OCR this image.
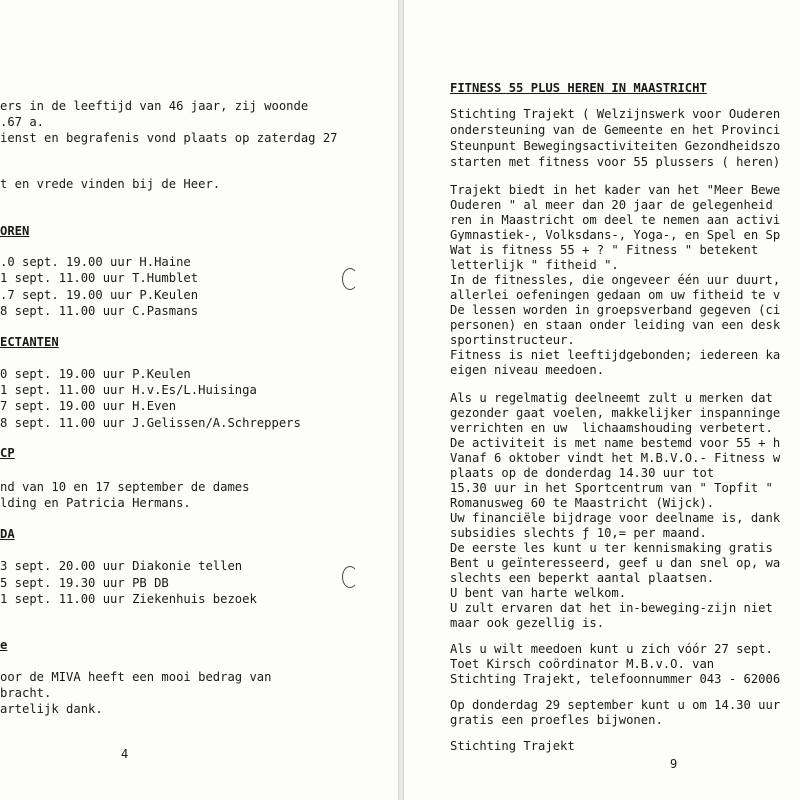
ers in de leeftijd van 46 jaar, zij woonde
.67 a.
ienst en begrafenis vond plaats op zaterdag 27
t en vrede vinden bij de Heer.
OREN
.0 sept. 19.00 uur H.Haine
1 sept. 11.00 uur T.Humblet
.7 sept. 19.00 uur P.Keulen
8 sept. 11.00 uur C.Pasmans
ECTANTEN
0 sept. 19.00 uur P.Keulen
1 sept. 11.00 uur H.v.Es/L.Huisinga
7 sept. 19.00 uur H.Even
8 sept. 11.00 uur J.Gelissen/A.Schreppers
CP
nd van 10 en 17 september de dames
lding en Patricia Hermans.
DA
3 sept. 20.00 uur Diakonie tellen
5 sept. 19.30 uur PB DB
1 sept. 11.00 uur Ziekenhuis bezoek
e
oor de MIVA heeft een mooi bedrag van
bracht.
artelijk dank.
4
FITNESS 55 PLUS HEREN IN MAASTRICHT
Stichting Trajekt ( Welzijnswerk voor Ouderen
ondersteuning van de Gemeente en het Provinci
Steunpunt Bewegingsactiviteiten Gezondheidszo
starten met fitness voor 55 plussers ( heren)
Trajekt biedt in het kader van het "Meer Bewe
Ouderen " al meer dan 20 jaar de gelegenheid
ren in Maastricht om deel te nemen aan activi
Gymnastiek-, Volksdans-, Yoga-, en Spel en Sp
Wat is fitness 55 + ? " Fitness " betekent
letterlijk " fitheid ".
In de fitnessles, die ongeveer één uur duurt,
allerlei oefeningen gedaan om uw fitheid te v
De lessen worden in groepsverband gegeven (ci
personen) en staan onder leiding van een desk
sportinstructeur.
Fitness is niet leeftijdgebonden; iedereen ka
eigen niveau meedoen.
Als u regelmatig deelneemt zult u merken dat
gezonder gaat voelen, makkelijker inspanninge
verrichten en uw  lichaamshouding verbetert.
De activiteit is met name bestemd voor 55 + h
Vanaf 6 oktober vindt het M.B.V.O.- Fitness w
plaats op de donderdag 14.30 uur tot
15.30 uur in het Sportcentrum van " Topfit "
Romanusweg 60 te Maastricht (Wijck).
Uw financiële bijdrage voor deelname is, dank
subsidies slechts ƒ 10,= per maand.
De eerste les kunt u ter kennismaking gratis
Bent u geïnteresseerd, geef u dan snel op, wa
slechts een beperkt aantal plaatsen.
U bent van harte welkom.
U zult ervaren dat het in-beweging-zijn niet
maar ook gezellig is.
Als u wilt meedoen kunt u zich vóór 27 sept.
Toet Kirsch coördinator M.B.v.O. van
Stichting Trajekt, telefoonnummer 043 - 62006
Op donderdag 29 september kunt u om 14.30 uur
gratis een proefles bijwonen.
Stichting Trajekt
9
